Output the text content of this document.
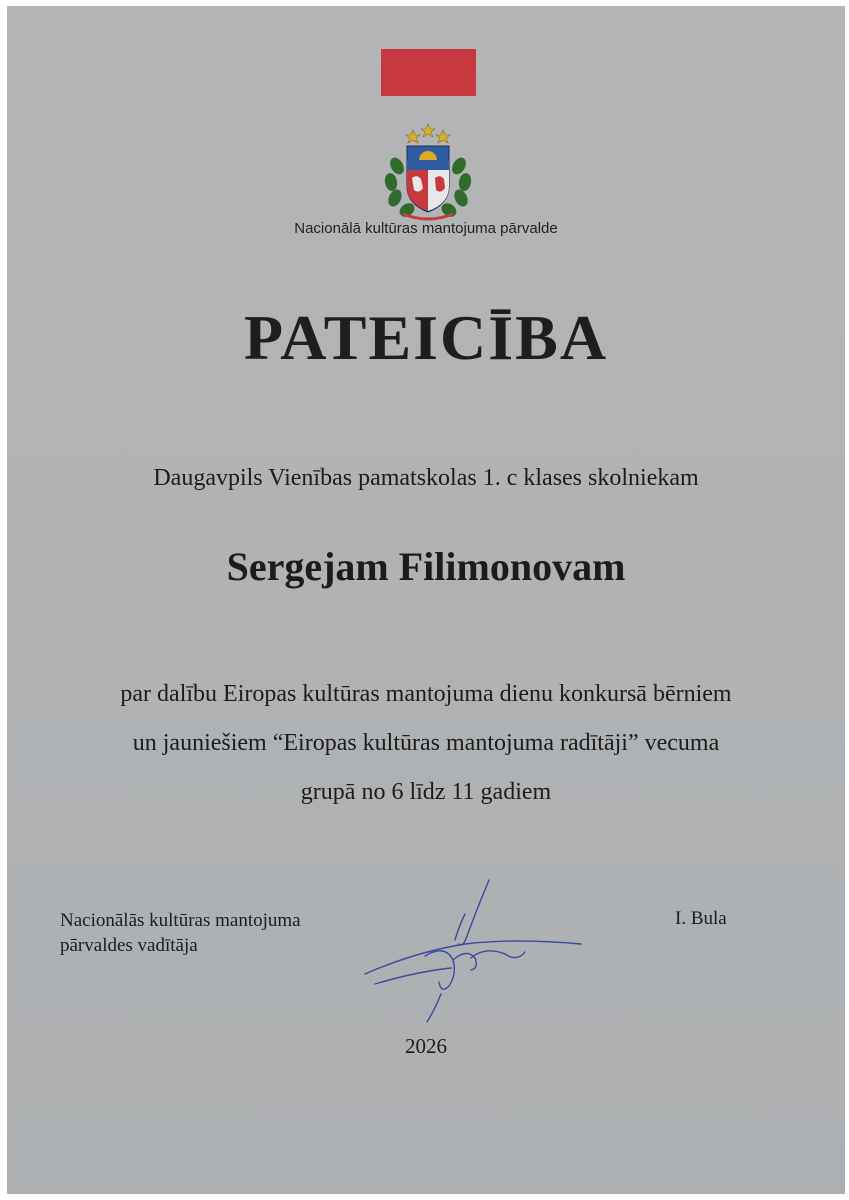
Nacionālā kultūras mantojuma pārvalde
PATEICĪBA
Daugavpils Vienības pamatskolas 1. c klases skolniekam
Sergejam Filimonovam
par dalību Eiropas kultūras mantojuma dienu konkursā bērniem
un jauniešiem “Eiropas kultūras mantojuma radītāji” vecuma
grupā no 6 līdz 11 gadiem
Nacionālās kultūras mantojuma
pārvaldes vadītāja
I. Bula
2026
